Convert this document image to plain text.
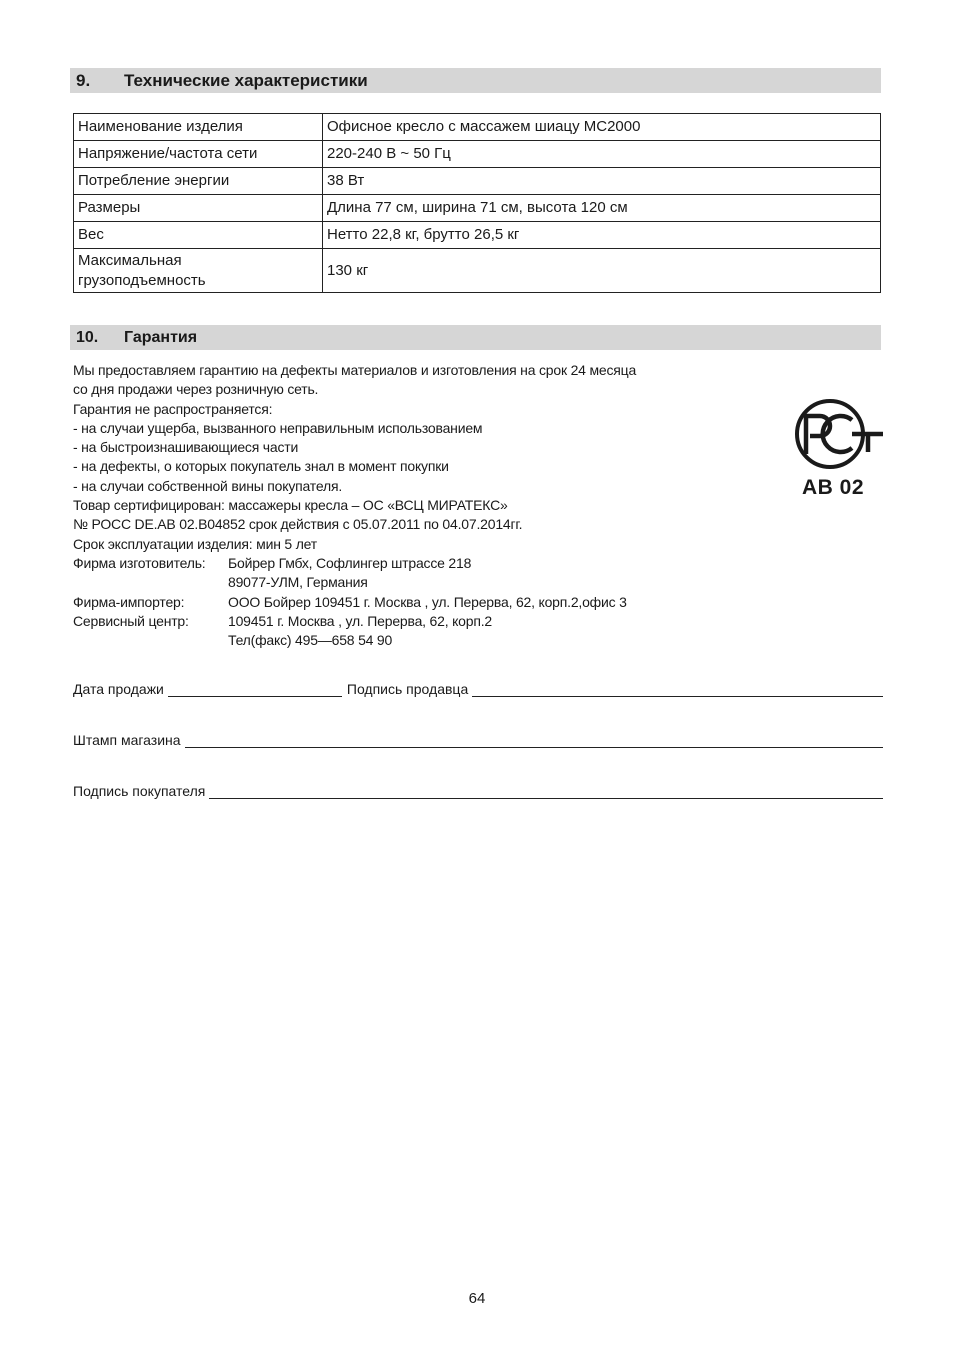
9.	Технические характеристики
Наименование изделия	Офисное кресло с массажем шиацу MC2000
Напряжение/частота сети	220-240 В ~ 50 Гц
Потребление энергии	38 Вт
Размеры	Длина 77 см, ширина 71 см, высота 120 см
Вес	Нетто 22,8 кг, брутто 26,5 кг

Максимальная
грузоподъемность	130 кг
10.	Гарантия
Мы предоставляем гарантию на дефекты материалов и изготовления на срок 24 месяца
со дня продажи через розничную сеть.
Гарантия не распространяется:
- на случаи ущерба, вызванного неправильным использованием
- на быстроизнашивающиеся части
- на дефекты, о которых покупатель знал в момент покупки
- на случаи собственной вины покупателя.
Товар сертифицирован: массажеры кресла – ОС «ВСЦ МИРАТЕКС»
№ РОСС DE.AB 02.B04852 срок действия с 05.07.2011 по 04.07.2014гг.
Срок эксплуатации изделия: мин 5 лет
Фирма изготовитель:	Бойрер Гмбх, Софлингер штрассе 218
89077-УЛМ, Германия
Фирма-импортер:	ООО Бойрер 109451 г. Москва , ул. Перерва, 62, корп.2,офис 3
Сервисный центр:	109451 г. Москва , ул. Перерва, 62, корп.2
Тел(факс) 495—658 54 90
AB 02
Дата продажи	Подпись продавца
Штамп магазина
Подпись покупателя
64
